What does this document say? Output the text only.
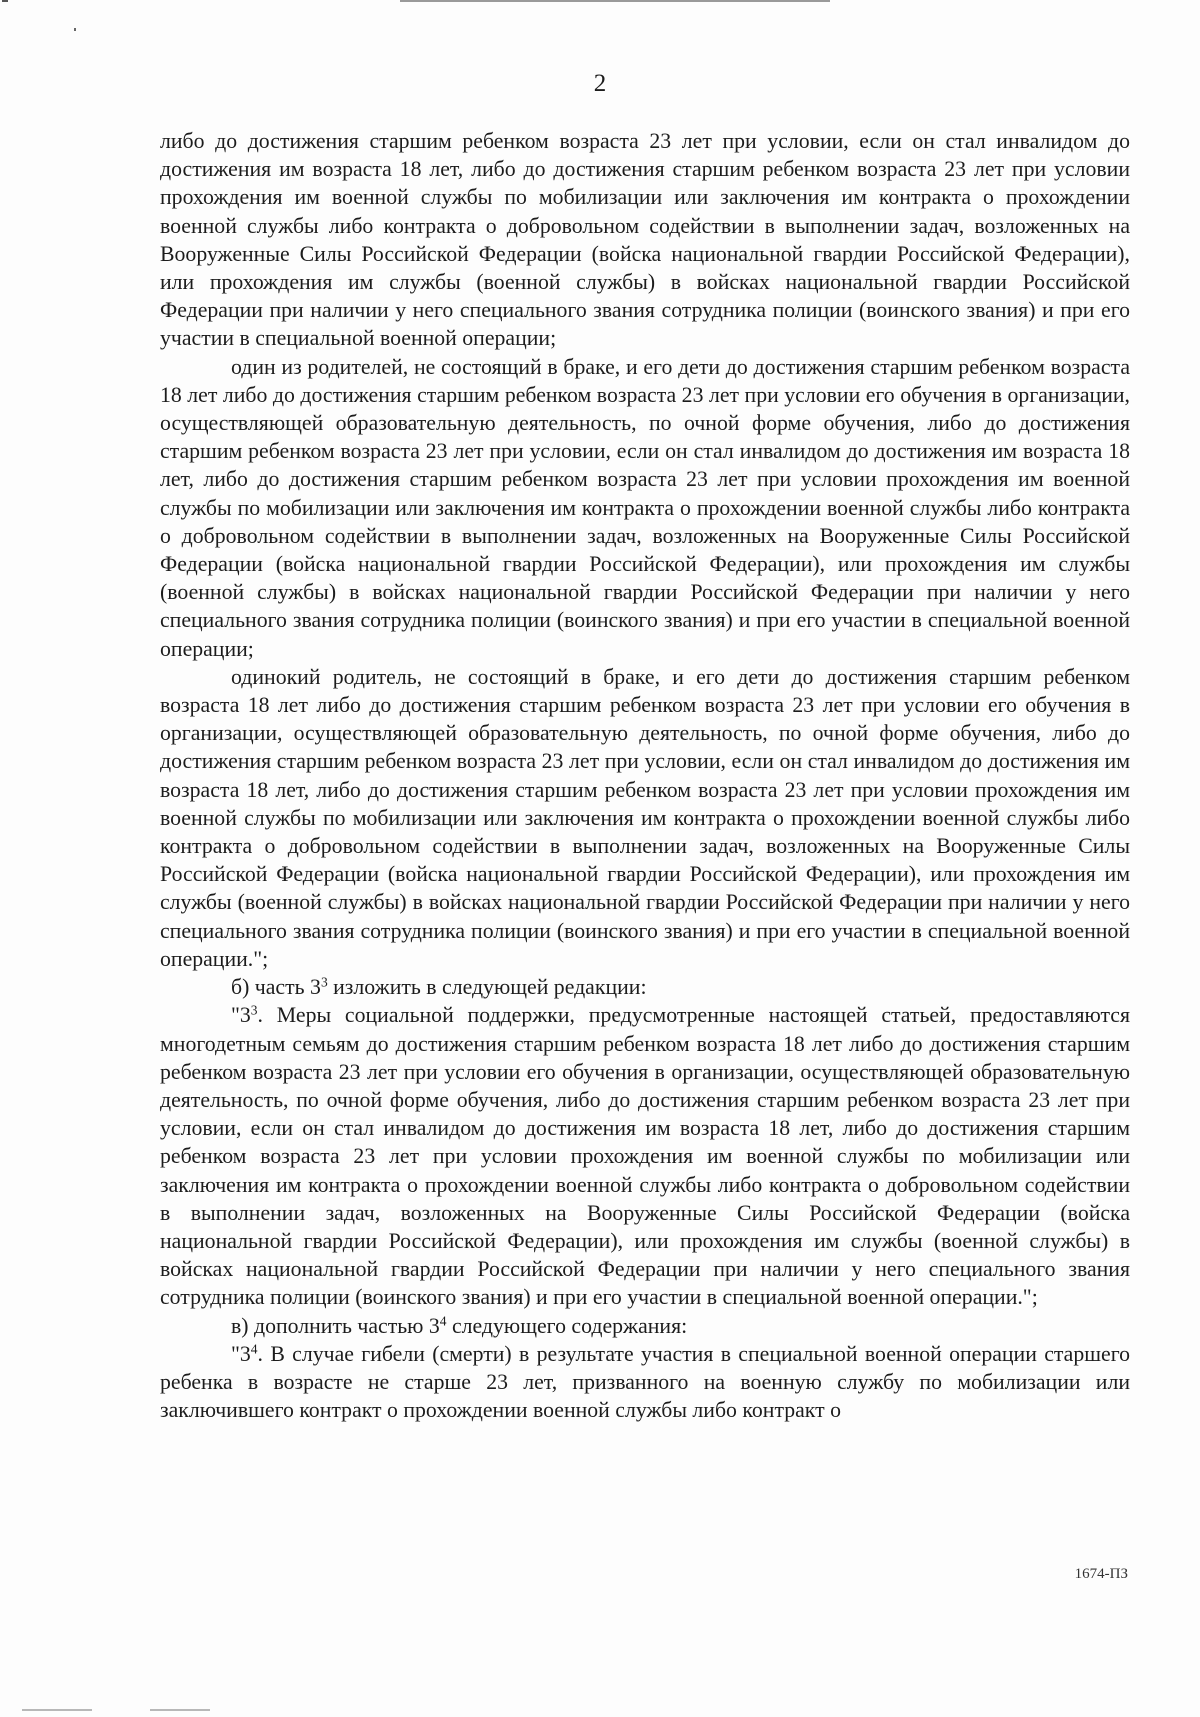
2

либо до достижения старшим ребенком возраста 23 лет при условии, если он стал инвалидом до достижения им возраста 18 лет, либо до достижения старшим ребенком возраста 23 лет при условии прохождения им военной службы по мобилизации или заключения им контракта о прохождении военной службы либо контракта о добровольном содействии в выполнении задач, возложенных на Вооруженные Силы Российской Федерации (войска национальной гвардии Российской Федерации), или прохождения им службы (военной службы) в войсках национальной гвардии Российской Федерации при наличии у него специального звания сотрудника полиции (воинского звания) и при его участии в специальной военной операции;

один из родителей, не состоящий в браке, и его дети до достижения старшим ребенком возраста 18 лет либо до достижения старшим ребенком возраста 23 лет при условии его обучения в организации, осуществляющей образовательную деятельность, по очной форме обучения, либо до достижения старшим ребенком возраста 23 лет при условии, если он стал инвалидом до достижения им возраста 18 лет, либо до достижения старшим ребенком возраста 23 лет при условии прохождения им военной службы по мобилизации или заключения им контракта о прохождении военной службы либо контракта о добровольном содействии в выполнении задач, возложенных на Вооруженные Силы Российской Федерации (войска национальной гвардии Российской Федерации), или прохождения им службы (военной службы) в войсках национальной гвардии Российской Федерации при наличии у него специального звания сотрудника полиции (воинского звания) и при его участии в специальной военной операции;

одинокий родитель, не состоящий в браке, и его дети до достижения старшим ребенком возраста 18 лет либо до достижения старшим ребенком возраста 23 лет при условии его обучения в организации, осуществляющей образовательную деятельность, по очной форме обучения, либо до достижения старшим ребенком возраста 23 лет при условии, если он стал инвалидом до достижения им возраста 18 лет, либо до достижения старшим ребенком возраста 23 лет при условии прохождения им военной службы по мобилизации или заключения им контракта о прохождении военной службы либо контракта о добровольном содействии в выполнении задач, возложенных на Вооруженные Силы Российской Федерации (войска национальной гвардии Российской Федерации), или прохождения им службы (военной службы) в войсках национальной гвардии Российской Федерации при наличии у него специального звания сотрудника полиции (воинского звания) и при его участии в специальной военной операции.";

б) часть $3^3$ изложить в следующей редакции:

"$3^3$. Меры социальной поддержки, предусмотренные настоящей статьей, предоставляются многодетным семьям до достижения старшим ребенком возраста 18 лет либо до достижения старшим ребенком возраста 23 лет при условии его обучения в организации, осуществляющей образовательную деятельность, по очной форме обучения, либо до достижения старшим ребенком возраста 23 лет при условии, если он стал инвалидом до достижения им возраста 18 лет, либо до достижения старшим ребенком возраста 23 лет при условии прохождения им военной службы по мобилизации или заключения им контракта о прохождении военной службы либо контракта о добровольном содействии в выполнении задач, возложенных на Вооруженные Силы Российской Федерации (войска национальной гвардии Российской Федерации), или прохождения им службы (военной службы) в войсках национальной гвардии Российской Федерации при наличии у него специального звания сотрудника полиции (воинского звания) и при его участии в специальной военной операции.";

в) дополнить частью $3^4$ следующего содержания:

"$3^4$. В случае гибели (смерти) в результате участия в специальной военной операции старшего ребенка в возрасте не старше 23 лет, призванного на военную службу по мобилизации или заключившего контракт о прохождении военной службы либо контракт о

1674-ПЗ
